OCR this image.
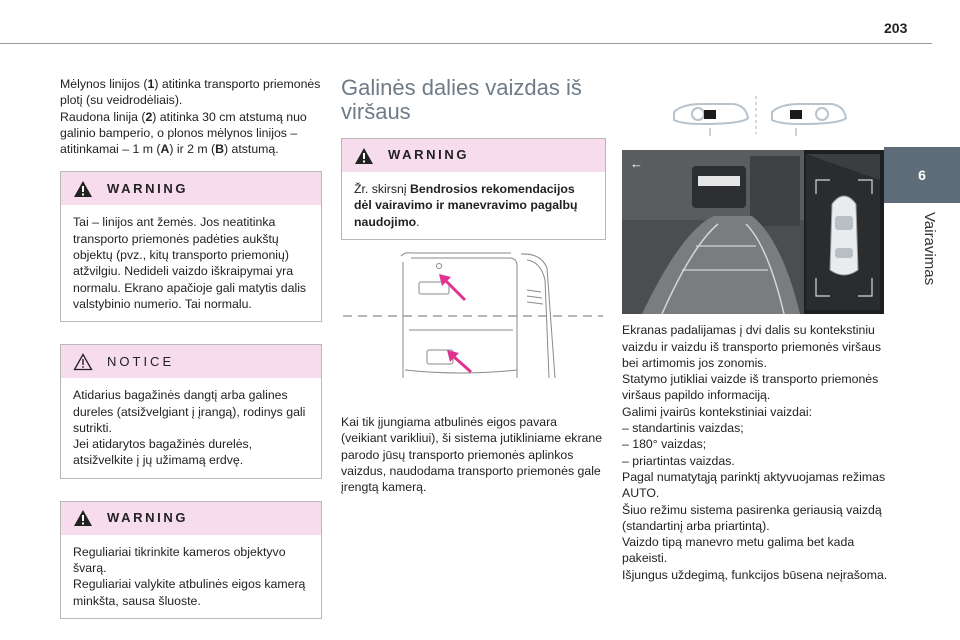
203
6
Vairavimas

Mėlynos linijos (1) atitinka transporto priemonės plotį (su veidrodėliais).
Raudona linija (2) atitinka 30 cm atstumą nuo galinio bamperio, o plonos mėlynos linijos – atitinkamai – 1 m (A) ir 2 m (B) atstumą.

WARNING
Tai – linijos ant žemės. Jos neatitinka transporto priemonės padėties aukštų objektų (pvz., kitų transporto priemonių) atžvilgiu. Nedideli vaizdo iškraipymai yra normalu. Ekrano apačioje gali matytis dalis valstybinio numerio. Tai normalu.
NOTICE

Atidarius bagažinės dangtį arba galines dureles (atsižvelgiant į įrangą), rodinys gali sutrikti.

Jei atidarytos bagažinės durelės, atsižvelkite į jų užimamą erdvę.

WARNING

Reguliariai tikrinkite kameros objektyvo švarą.

Reguliariai valykite atbulinės eigos kamerą minkšta, sausa šluoste.

Galinės dalies vaizdas iš viršaus
WARNING
Žr. skirsnį Bendrosios rekomendacijos dėl vairavimo ir manevravimo pagalbų naudojimo.

Kai tik įjungiama atbulinės eigos pavara (veikiant varikliui), ši sistema jutikliniame ekrane parodo jūsų transporto priemonės aplinkos vaizdus, naudodama transporto priemonės gale įrengtą kamerą.

←

Ekranas padalijamas į dvi dalis su kontekstiniu vaizdu ir vaizdu iš transporto priemonės viršaus bei artimomis jos zonomis.

Statymo jutikliai vaizde iš transporto priemonės viršaus papildo informaciją.

Galimi įvairūs kontekstiniai vaizdai:

– standartinis vaizdas;

– 180° vaizdas;

– priartintas vaizdas.

Pagal numatytąją parinktį aktyvuojamas režimas AUTO.

Šiuo režimu sistema pasirenka geriausią vaizdą (standartinį arba priartintą).

Vaizdo tipą manevro metu galima bet kada pakeisti.

Išjungus uždegimą, funkcijos būsena neįrašoma.
